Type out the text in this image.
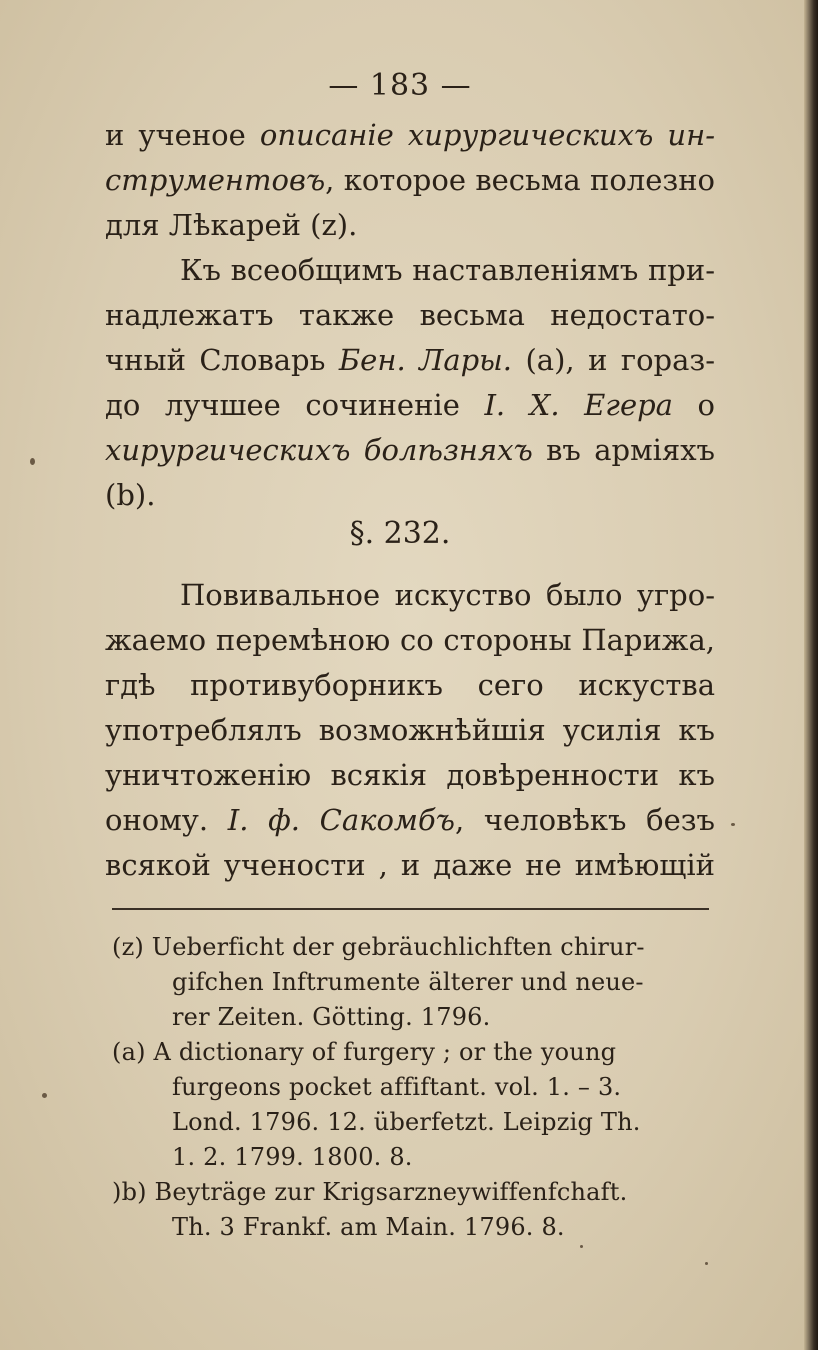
— 183 —
и ученое описанiе хирургическихъ ин-
стрyментовъ, которое весьма полезно
для Лѣкарей (z).
Къ всеобщимъ наставленiямъ при-
надлежатъ также весьма недостато-
чный Словарь Бен. Лары. (a), и гораз-
до лучшее сочиненiе I. X. Егера о
хирургическихъ болѣзняхъ въ армiяхъ
(b).
§. 232.
Повивальное искуство было угро-
жаемо перемѣною со стороны Парижа,
гдѣ противуборникъ сего искуства
употреблялъ возможнѣйшiя усилiя къ
уничтоженiю всякiя довѣренности къ
оному. I. ф. Сакомбъ, человѣкъ безъ
всякой учености , и даже не имѣющiй
(z) Ueberficht der gebräuchlichften chirur-
gifchen Inftrumente älterer und neue-
rer Zeiten. Götting. 1796.
(a) A dictionary of furgery ; or the young
furgeons pocket affiftant. vol. 1. – 3.
Lond. 1796. 12. überfetzt. Leipzig Th.
1. 2. 1799. 1800. 8.
)b) Beyträge zur Krigsarzneywiffenfchaft.
Th. 3 Frankf. am Main. 1796. 8.
